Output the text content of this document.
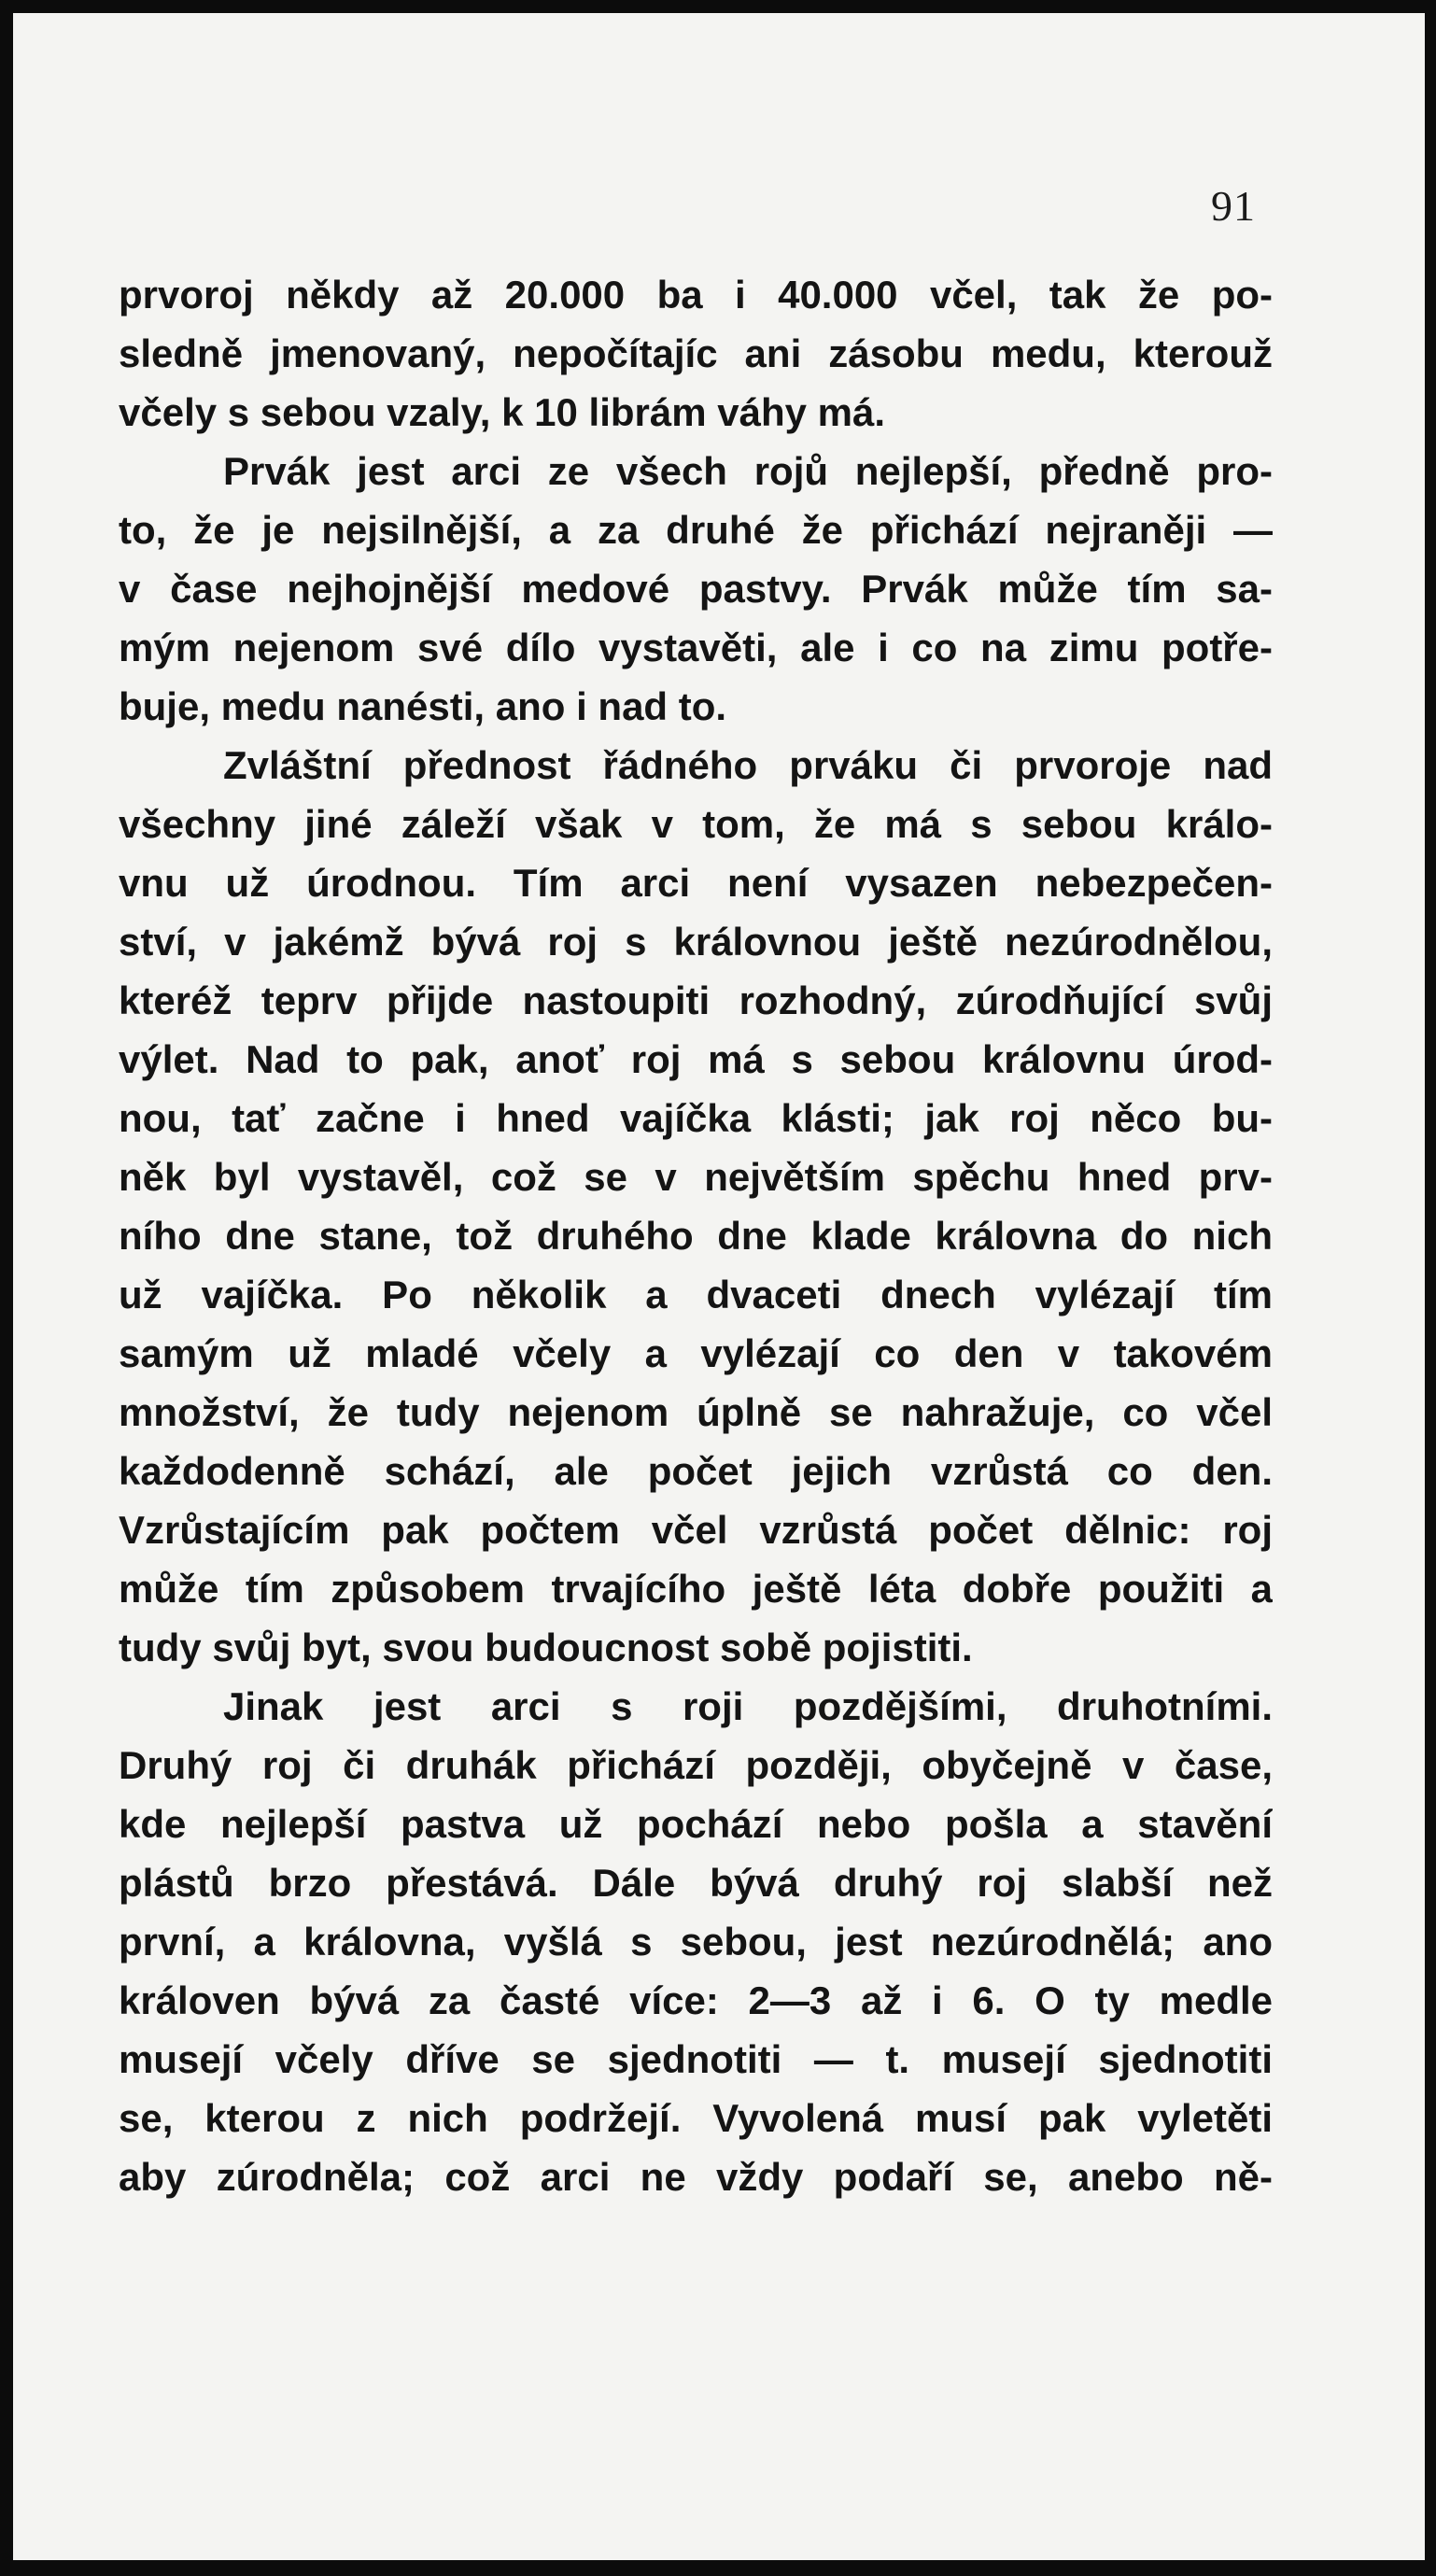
91
prvoroj někdy až 20.000 ba i 40.000 včel, tak že po-
sledně jmenovaný, nepočítajíc ani zásobu medu, kterouž
včely s sebou vzaly, k 10 librám váhy má.
Prvák jest arci ze všech rojů nejlepší, předně pro-
to, že je nejsilnější, a za druhé že přichází nejraněji —
v čase nejhojnější medové pastvy. Prvák může tím sa-
mým nejenom své dílo vystavěti, ale i co na zimu potře-
buje, medu nanésti, ano i nad to.
Zvláštní přednost řádného prváku či prvoroje nad
všechny jiné záleží však v tom, že má s sebou králo-
vnu už úrodnou. Tím arci není vysazen nebezpečen-
ství, v jakémž bývá roj s královnou ještě nezúrodnělou,
kteréž teprv přijde nastoupiti rozhodný, zúrodňující svůj
výlet. Nad to pak, anoť roj má s sebou královnu úrod-
nou, tať začne i hned vajíčka klásti; jak roj něco bu-
něk byl vystavěl, což se v největším spěchu hned prv-
ního dne stane, tož druhého dne klade královna do nich
už vajíčka. Po několik a dvaceti dnech vylézají tím
samým už mladé včely a vylézají co den v takovém
množství, že tudy nejenom úplně se nahražuje, co včel
každodenně schází, ale počet jejich vzrůstá co den.
Vzrůstajícím pak počtem včel vzrůstá počet dělnic: roj
může tím způsobem trvajícího ještě léta dobře použiti a
tudy svůj byt, svou budoucnost sobě pojistiti.
Jinak jest arci s roji pozdějšími, druhotními.
Druhý roj či druhák přichází později, obyčejně v čase,
kde nejlepší pastva už pochází nebo pošla a stavění
plástů brzo přestává. Dále bývá druhý roj slabší než
první, a královna, vyšlá s sebou, jest nezúrodnělá; ano
královen bývá za časté více: 2—3 až i 6. O ty medle
musejí včely dříve se sjednotiti — t. musejí sjednotiti
se, kterou z nich podržejí. Vyvolená musí pak vyletěti
aby zúrodněla; což arci ne vždy podaří se, anebo ně-
